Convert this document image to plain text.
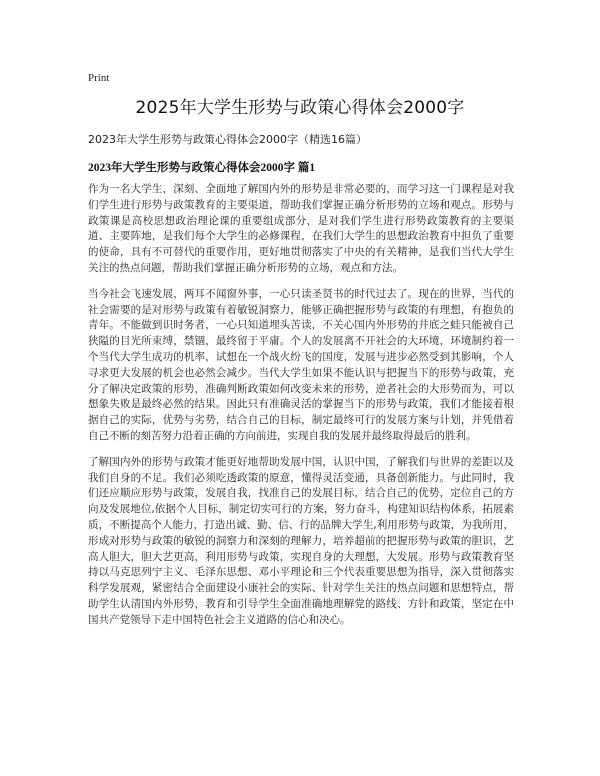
Print
2025年大学生形势与政策心得体会2000字
2023年大学生形势与政策心得体会2000字（精选16篇）
2023年大学生形势与政策心得体会2000字 篇1

作为一名大学生，深刻、全面地了解国内外的形势是非常必要的，而学习这一门课程是对我们学生进行形势与政策教育的主要渠道，帮助我们掌握正确分析形势的立场和观点。形势与政策课是高校思想政治理论课的重要组成部分，是对我们学生进行形势政策教育的主要渠道、主要阵地，是我们每个大学生的必修课程，在我们大学生的思想政治教育中担负了重要的使命，具有不可替代的重要作用，更好地贯彻落实了中央的有关精神，是我们当代大学生关注的热点问题，帮助我们掌握正确分析形势的立场，观点和方法。

当今社会飞速发展，两耳不闻窗外事，一心只读圣贤书的时代过去了。现在的世界，当代的社会需要的是对形势与政策有着敏锐洞察力，能够正确把握形势与政策的有理想，有抱负的青年。不能做到识时务者，一心只知道埋头苦读，不关心国内外形势的井底之蛙只能被自己狭隘的目光所束缚，禁锢，最终留于平庸。个人的发展离不开社会的大环境，环境制约着一个当代大学生成功的机率，试想在一个战火纷飞的国度，发展与进步必然受到其影响，个人寻求更大发展的机会也必然会减少。当代大学生如果不能认识与把握当下的形势与政策，充分了解决定政策的形势，准确判断政策如何改变未来的形势，逆者社会的大形势而为，可以想象失败是最终必然的结果。因此只有准确灵活的掌握当下的形势与政策，我们才能接着根据自己的实际，优势与劣势，结合自己的目标，制定最终可行的发展方案与计划，并凭借着自己不断的刻苦努力沿着正确的方向前进，实现自我的发展并最终取得最后的胜利。

了解国内外的形势与政策才能更好地帮助发展中国，认识中国，了解我们与世界的差距以及我们自身的不足。我们必须吃透政策的原意，懂得灵活变通，具备创新能力。与此同时，我们还应顺应形势与政策，发展自我，找准自己的发展目标，结合自己的优势，定位自己的方向及发展地位,依据个人目标，制定切实可行的方案，努力奋斗，构建知识结构体系，拓展素质，不断提高个人能力，打造出诚、勤、信、行的品牌大学生,利用形势与政策，为我所用，形成对形势与政策的敏锐的洞察力和深刻的理解力，培养超前的把握形势与政策的胆识，艺高人胆大，胆大艺更高，利用形势与政策，实现自身的大理想，大发展。形势与政策教育坚持以马克思列宁主义、毛泽东思想、邓小平理论和三个代表重要思想为指导，深入贯彻落实科学发展观，紧密结合全面建设小康社会的实际、针对学生关注的热点问题和思想特点，帮助学生认清国内外形势，教育和引导学生全面准确地理解党的路线、方针和政策，坚定在中国共产党领导下走中国特色社会主义道路的信心和决心。
